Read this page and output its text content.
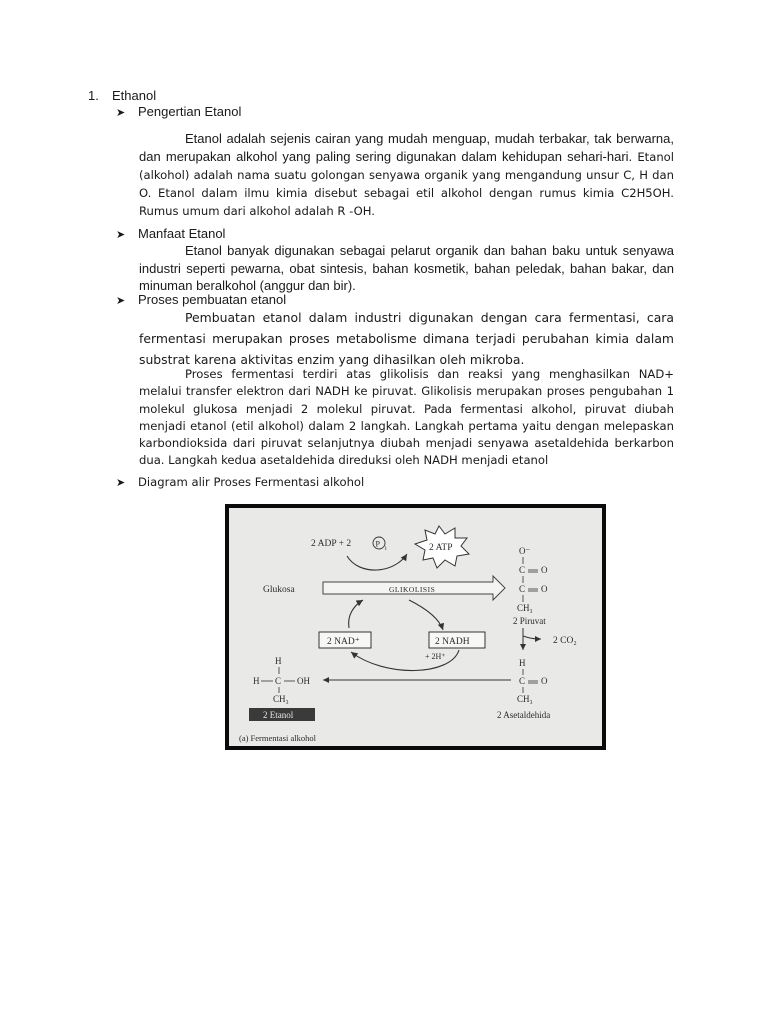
1. Ethanol
➤ Pengertian Etanol
Etanol adalah sejenis cairan yang mudah menguap, mudah terbakar, tak berwarna, dan merupakan alkohol yang paling sering digunakan dalam kehidupan sehari-hari. Etanol (alkohol) adalah nama suatu golongan senyawa organik yang mengandung unsur C, H dan O. Etanol dalam ilmu kimia disebut sebagai etil alkohol dengan rumus kimia C2H5OH. Rumus umum dari alkohol adalah R -OH.
➤ Manfaat Etanol
Etanol banyak digunakan sebagai pelarut organik dan bahan baku untuk senyawa industri seperti pewarna, obat sintesis, bahan kosmetik, bahan peledak, bahan bakar, dan minuman beralkohol (anggur dan bir).
➤ Proses pembuatan etanol
Pembuatan etanol dalam industri digunakan dengan cara fermentasi, cara fermentasi merupakan proses metabolisme dimana terjadi perubahan kimia dalam substrat karena aktivitas enzim yang dihasilkan oleh mikroba.
Proses fermentasi terdiri atas glikolisis dan reaksi yang menghasilkan NAD+ melalui transfer elektron dari NADH ke piruvat. Glikolisis merupakan proses pengubahan 1 molekul glukosa menjadi 2 molekul piruvat. Pada fermentasi alkohol, piruvat diubah menjadi etanol (etil alkohol) dalam 2 langkah. Langkah pertama yaitu dengan melepaskan karbondioksida dari piruvat selanjutnya diubah menjadi senyawa asetaldehida berkarbon dua. Langkah kedua asetaldehida direduksi oleh NADH menjadi etanol
➤ Diagram alir Proses Fermentasi alkohol
2 ADP + 2	P
i	2 ATP
Glukosa	GLIKOLISIS
O⁻
C O
C O
CH₃
2 Piruvat
2 CO₂
2 NAD⁺	2 NADH
+ 2H⁺
H
C O
CH₃
2 Asetaldehida
H
H C OH
CH₃
2 Etanol
(a) Fermentasi alkohol
